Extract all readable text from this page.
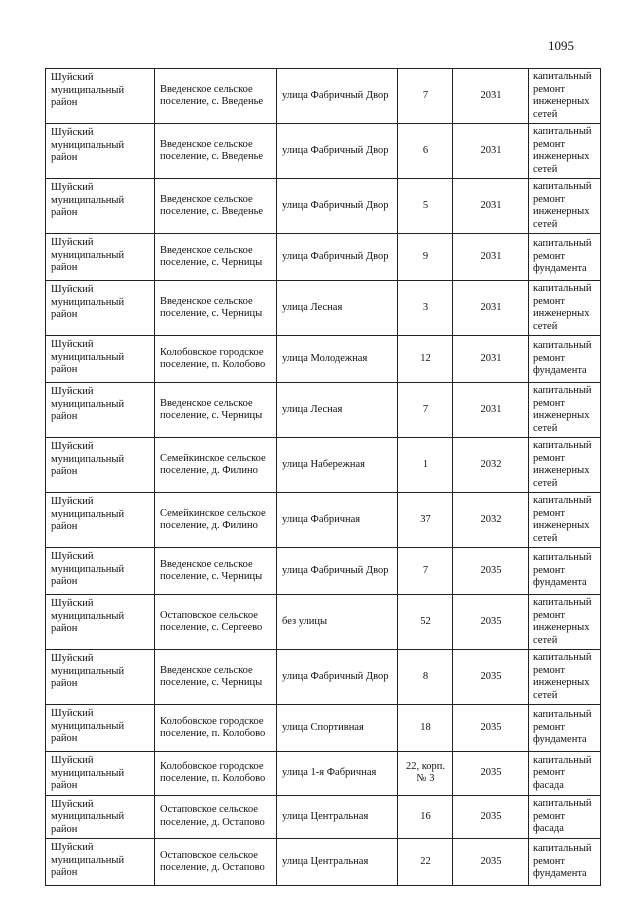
1095
Шуйский муниципальный район	Введенское сельское поселение, с. Введенье	улица Фабричный Двор	7	2031	капитальный ремонт инженерных сетей
Шуйский муниципальный район	Введенское сельское поселение, с. Введенье	улица Фабричный Двор	6	2031	капитальный ремонт инженерных сетей
Шуйский муниципальный район	Введенское сельское поселение, с. Введенье	улица Фабричный Двор	5	2031	капитальный ремонт инженерных сетей
Шуйский муниципальный район	Введенское сельское поселение, с. Черницы	улица Фабричный Двор	9	2031	капитальный ремонт фундамента
Шуйский муниципальный район	Введенское сельское поселение, с. Черницы	улица Лесная	3	2031	капитальный ремонт инженерных сетей
Шуйский муниципальный район	Колобовское городское поселение, п. Колобово	улица Молодежная	12	2031	капитальный ремонт фундамента
Шуйский муниципальный район	Введенское сельское поселение, с. Черницы	улица Лесная	7	2031	капитальный ремонт инженерных сетей
Шуйский муниципальный район	Семейкинское сельское поселение, д. Филино	улица Набережная	1	2032	капитальный ремонт инженерных сетей
Шуйский муниципальный район	Семейкинское сельское поселение, д. Филино	улица Фабричная	37	2032	капитальный ремонт инженерных сетей
Шуйский муниципальный район	Введенское сельское поселение, с. Черницы	улица Фабричный Двор	7	2035	капитальный ремонт фундамента
Шуйский муниципальный район	Остаповское сельское поселение, с. Сергеево	без улицы	52	2035	капитальный ремонт инженерных сетей
Шуйский муниципальный район	Введенское сельское поселение, с. Черницы	улица Фабричный Двор	8	2035	капитальный ремонт инженерных сетей
Шуйский муниципальный район	Колобовское городское поселение, п. Колобово	улица Спортивная	18	2035	капитальный ремонт фундамента
Шуйский муниципальный район	Колобовское городское поселение, п. Колобово	улица 1-я Фабричная	22, корп. № 3	2035	капитальный ремонт фасада
Шуйский муниципальный район	Остаповское сельское поселение, д. Остапово	улица Центральная	16	2035	капитальный ремонт фасада
Шуйский муниципальный район	Остаповское сельское поселение, д. Остапово	улица Центральная	22	2035	капитальный ремонт фундамента
